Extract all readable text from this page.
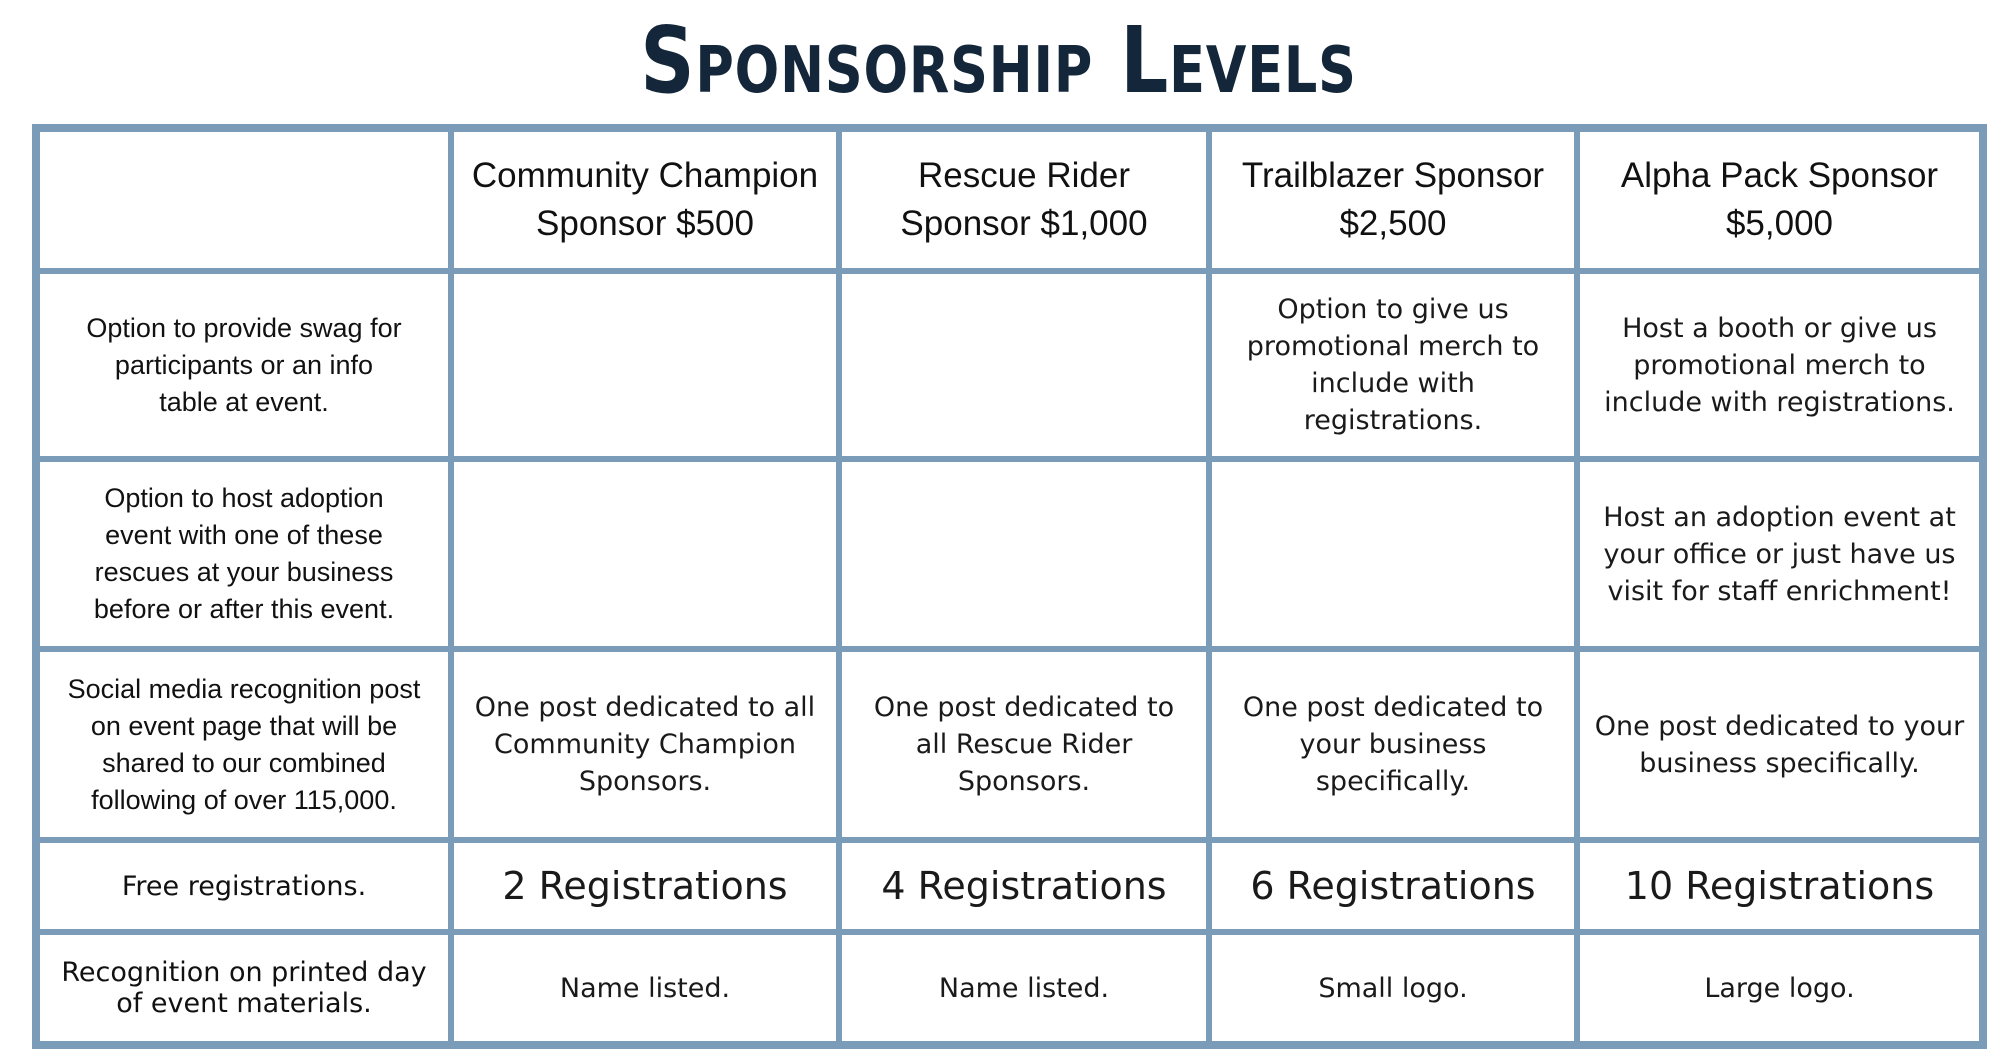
Sponsorship Levels

	Community Champion
Sponsor $500	Rescue Rider
Sponsor $1,000	Trailblazer Sponsor
$2,500	Alpha Pack Sponsor
$5,000

Option to provide swag for
participants or an info
table at event.			Option to give us
promotional merch to
include with
registrations.	Host a booth or give us
promotional merch to
include with registrations.

Option to host adoption
event with one of these
rescues at your business
before or after this event.				Host an adoption event at
your office or just have us
visit for staff enrichment!

Social media recognition post
on event page that will be
shared to our combined
following of over 115,000.	One post dedicated to all
Community Champion
Sponsors.	One post dedicated to
all Rescue Rider
Sponsors.	One post dedicated to
your business
specifically.	One post dedicated to your
business specifically.

Free registrations.	2 Registrations	4 Registrations	6 Registrations	10 Registrations

Recognition on printed day
of event materials.	Name listed.	Name listed.	Small logo.	Large logo.
